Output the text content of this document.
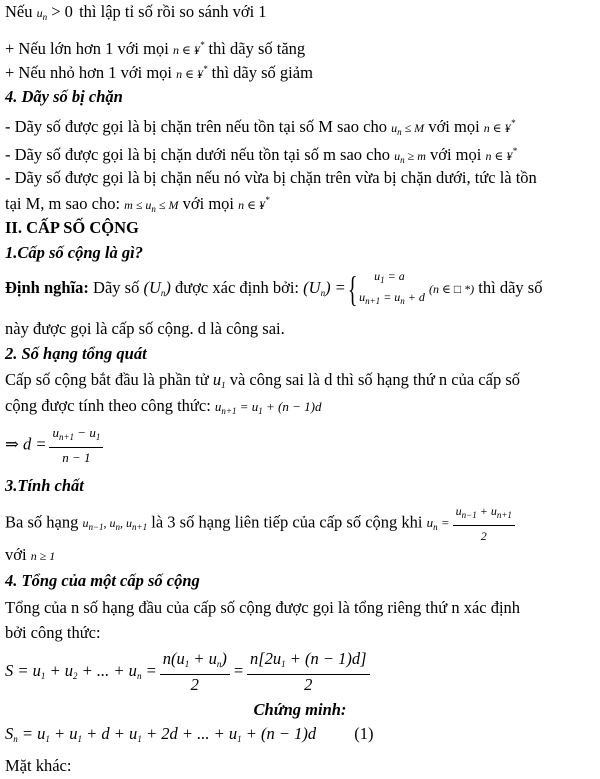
Nếu $u_n > 0$ thì lập tỉ số rồi so sánh với 1
+ Nếu lớn hơn 1 với mọi n ∈ ¥* thì dãy số tăng
+ Nếu nhỏ hơn 1 với mọi n ∈ ¥* thì dãy số giảm
4. Dãy số bị chặn
- Dãy số được gọi là bị chặn trên nếu tồn tại số M sao cho $u_n \le M$ với mọi n ∈ ¥*
- Dãy số được gọi là bị chặn dưới nếu tồn tại số m sao cho $u_n \ge m$ với mọi n ∈ ¥*
- Dãy số được gọi là bị chặn nếu nó vừa bị chặn trên vừa bị chặn dưới, tức là tồn
tại M, m sao cho: $m \le u_n \le M$ với mọi n ∈ ¥*
II. CẤP SỐ CỘNG
1.Cấp số cộng là gì?
Định nghĩa: Dãy số $(U_n)$ được xác định bởi: $(U_n)$ ={ $u_1 = a$
$u_{n+1} = u_n + d$
(n ∈ □ *) thì dãy số
này được gọi là cấp số cộng. d là công sai.
2. Số hạng tổng quát
Cấp số cộng bắt đầu là phần tử $u_1$ và công sai là d thì số hạng thứ n của cấp số
cộng được tính theo công thức: $u_{n+1} = u_1 + (n - 1)d$
⇒ $d = \frac{u_{n+1} - u_1}{n - 1}$
3.Tính chất
Ba số hạng $u_{n-1}$, $u_n$, $u_{n+1}$ là 3 số hạng liên tiếp của cấp số cộng khi $u_n = \frac{u_{n-1} + u_{n+1}}{2}$
với n ≥ 1
4. Tổng của một cấp số cộng
Tổng của n số hạng đầu của cấp số cộng được gọi là tổng riêng thứ n xác định
bởi công thức:
$S = u_1 + u_2$ + ... + $u_n = \frac{n(u_1 + u_n)}{2} = \frac{n[2u_1 + (n - 1)d]}{2}$
Chứng minh:
$S_n = u_1 + u_1 + d + u_1 + 2d$ + ... + $u_1 + (n - 1)d$ (1)
Mặt khác:
